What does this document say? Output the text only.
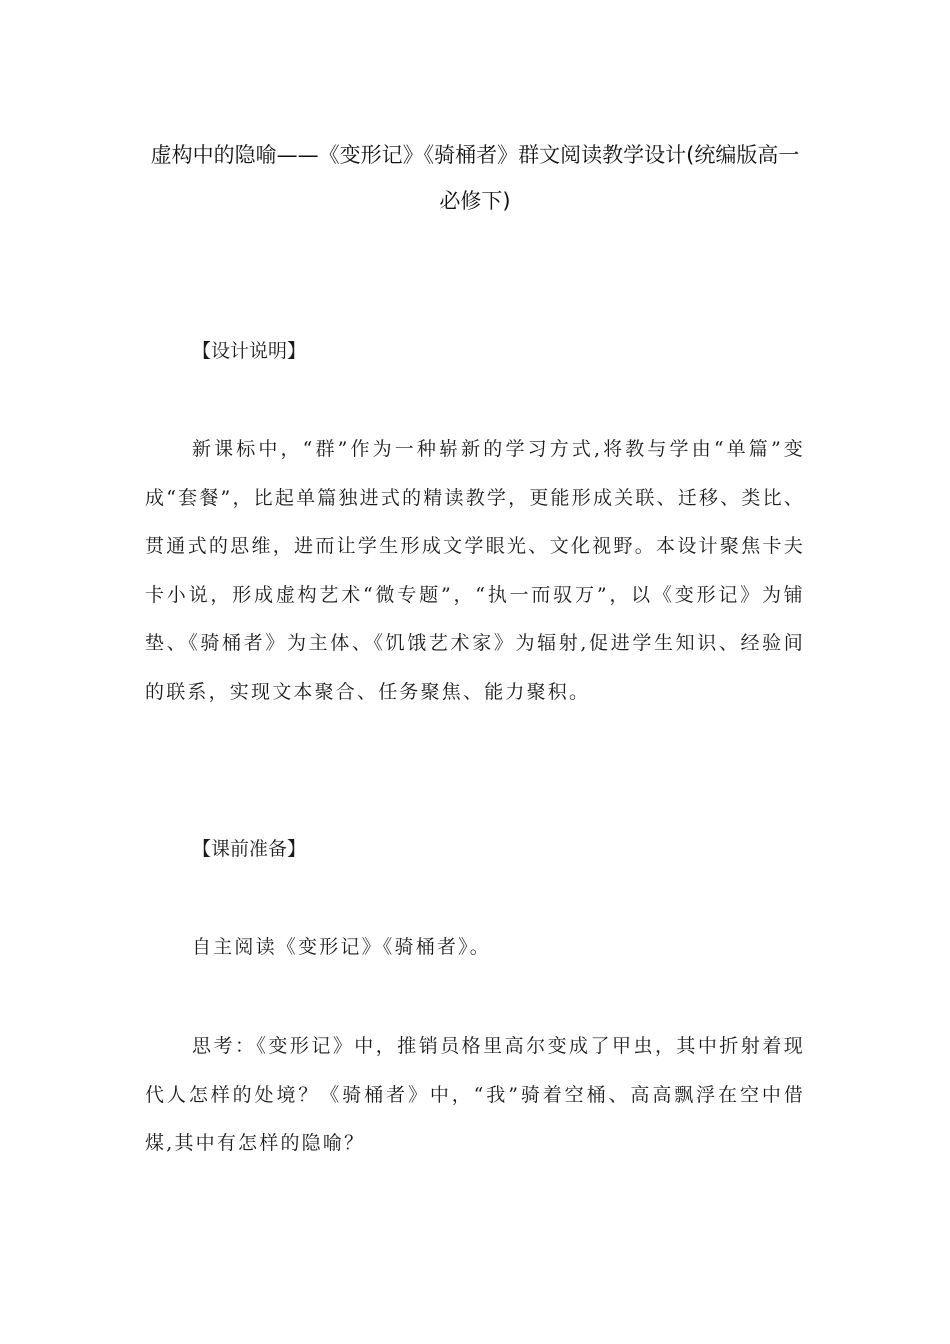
虚构中的隐喻——《变形记》《骑桶者》群文阅读教学设计(统编版高一必修下)
【设计说明】

新课标中，“群”作为一种崭新的学习方式,将教与学由“单篇”变成“套餐”，比起单篇独进式的精读教学，更能形成关联、迁移、类比、贯通式的思维，进而让学生形成文学眼光、文化视野。本设计聚焦卡夫卡小说，形成虚构艺术“微专题”，“执一而驭万”，以《变形记》为铺垫、《骑桶者》为主体、《饥饿艺术家》为辐射,促进学生知识、经验间的联系，实现文本聚合、任务聚焦、能力聚积。

【课前准备】

自主阅读《变形记》《骑桶者》。

思考：《变形记》中，推销员格里高尔变成了甲虫，其中折射着现代人怎样的处境？《骑桶者》中，“我”骑着空桶、高高飘浮在空中借煤,其中有怎样的隐喻？
